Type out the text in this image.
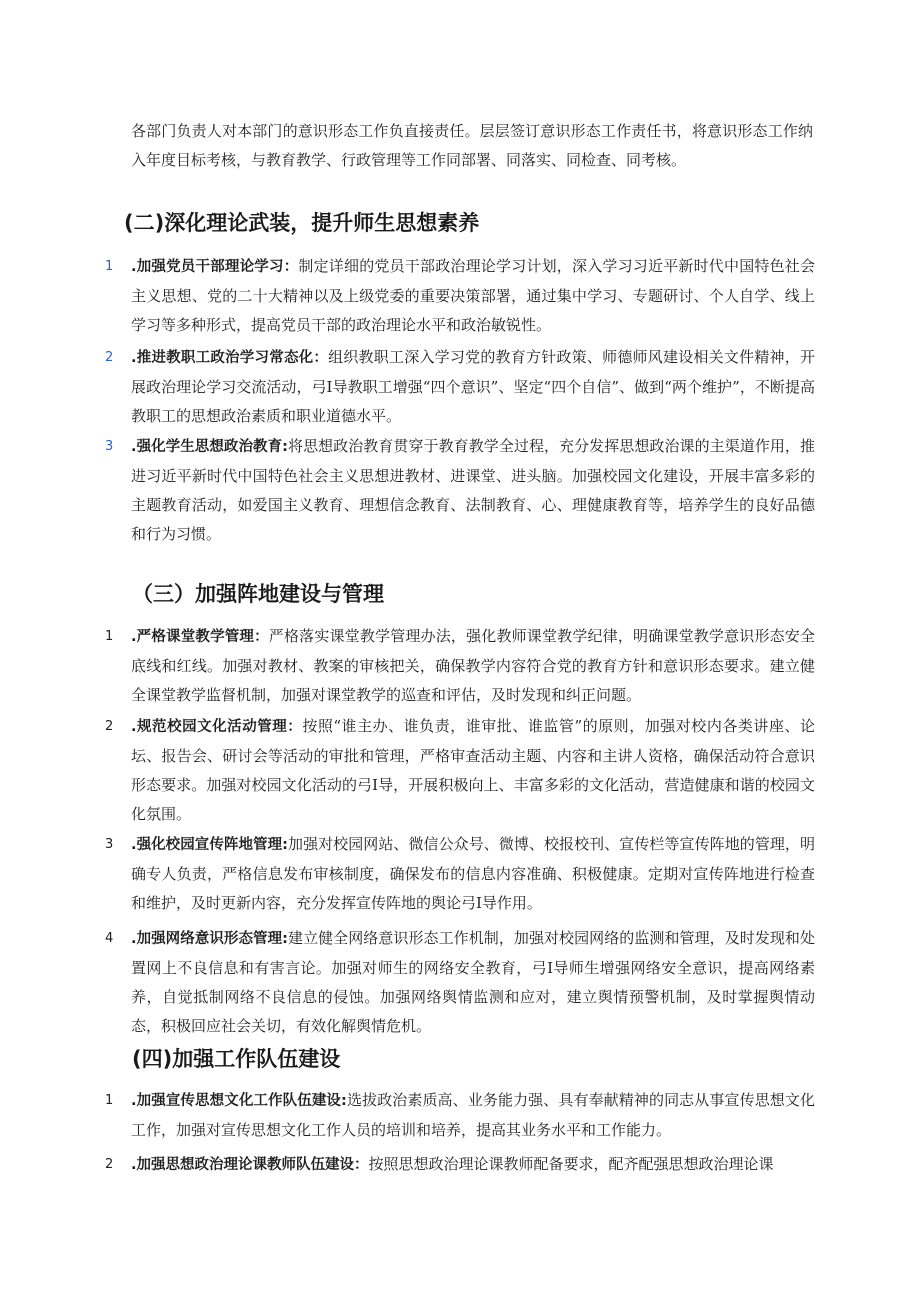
各部门负责人对本部门的意识形态工作负直接责任。层层签订意识形态工作责任书，将意识形态工作纳入年度目标考核，与教育教学、行政管理等工作同部署、同落实、同检查、同考核。

(二)深化理论武装，提升师生思想素养
1	.加强党员干部理论学习：制定详细的党员干部政治理论学习计划，深入学习习近平新时代中国特色社会主义思想、党的二十大精神以及上级党委的重要决策部署，通过集中学习、专题研讨、个人自学、线上学习等多种形式，提高党员干部的政治理论水平和政治敏锐性。

2	.推进教职工政治学习常态化：组织教职工深入学习党的教育方针政策、师德师风建设相关文件精神，开展政治理论学习交流活动，弓I导教职工增强“四个意识”、坚定“四个自信”、做到“两个维护”，不断提高教职工的思想政治素质和职业道德水平。

3	.强化学生思想政治教育:将思想政治教育贯穿于教育教学全过程，充分发挥思想政治课的主渠道作用，推进习近平新时代中国特色社会主义思想进教材、进课堂、进头脑。加强校园文化建设，开展丰富多彩的主题教育活动，如爱国主义教育、理想信念教育、法制教育、心、理健康教育等，培养学生的良好品德和行为习惯。

（三）加强阵地建设与管理
1	.严格课堂教学管理：严格落实课堂教学管理办法，强化教师课堂教学纪律，明确课堂教学意识形态安全底线和红线。加强对教材、教案的审核把关，确保教学内容符合党的教育方针和意识形态要求。建立健全课堂教学监督机制，加强对课堂教学的巡查和评估，及时发现和纠正问题。

2	.规范校园文化活动管理：按照“谁主办、谁负责，谁审批、谁监管”的原则，加强对校内各类讲座、论坛、报告会、研讨会等活动的审批和管理，严格审查活动主题、内容和主讲人资格，确保活动符合意识形态要求。加强对校园文化活动的弓I导，开展积极向上、丰富多彩的文化活动，营造健康和谐的校园文化氛围。

3	.强化校园宣传阵地管理:加强对校园网站、微信公众号、微博、校报校刊、宣传栏等宣传阵地的管理，明确专人负责，严格信息发布审核制度，确保发布的信息内容准确、积极健康。定期对宣传阵地进行检查和维护，及时更新内容，充分发挥宣传阵地的舆论弓I导作用。

4	.加强网络意识形态管理:建立健全网络意识形态工作机制，加强对校园网络的监测和管理，及时发现和处置网上不良信息和有害言论。加强对师生的网络安全教育，弓I导师生增强网络安全意识，提高网络素养，自觉抵制网络不良信息的侵蚀。加强网络舆情监测和应对，建立舆情预警机制，及时掌握舆情动态，积极回应社会关切，有效化解舆情危机。

(四)加强工作队伍建设
1	.加强宣传思想文化工作队伍建设:选拔政治素质高、业务能力强、具有奉献精神的同志从事宣传思想文化工作，加强对宣传思想文化工作人员的培训和培养，提高其业务水平和工作能力。

2	.加强思想政治理论课教师队伍建设：按照思想政治理论课教师配备要求，配齐配强思想政治理论课
